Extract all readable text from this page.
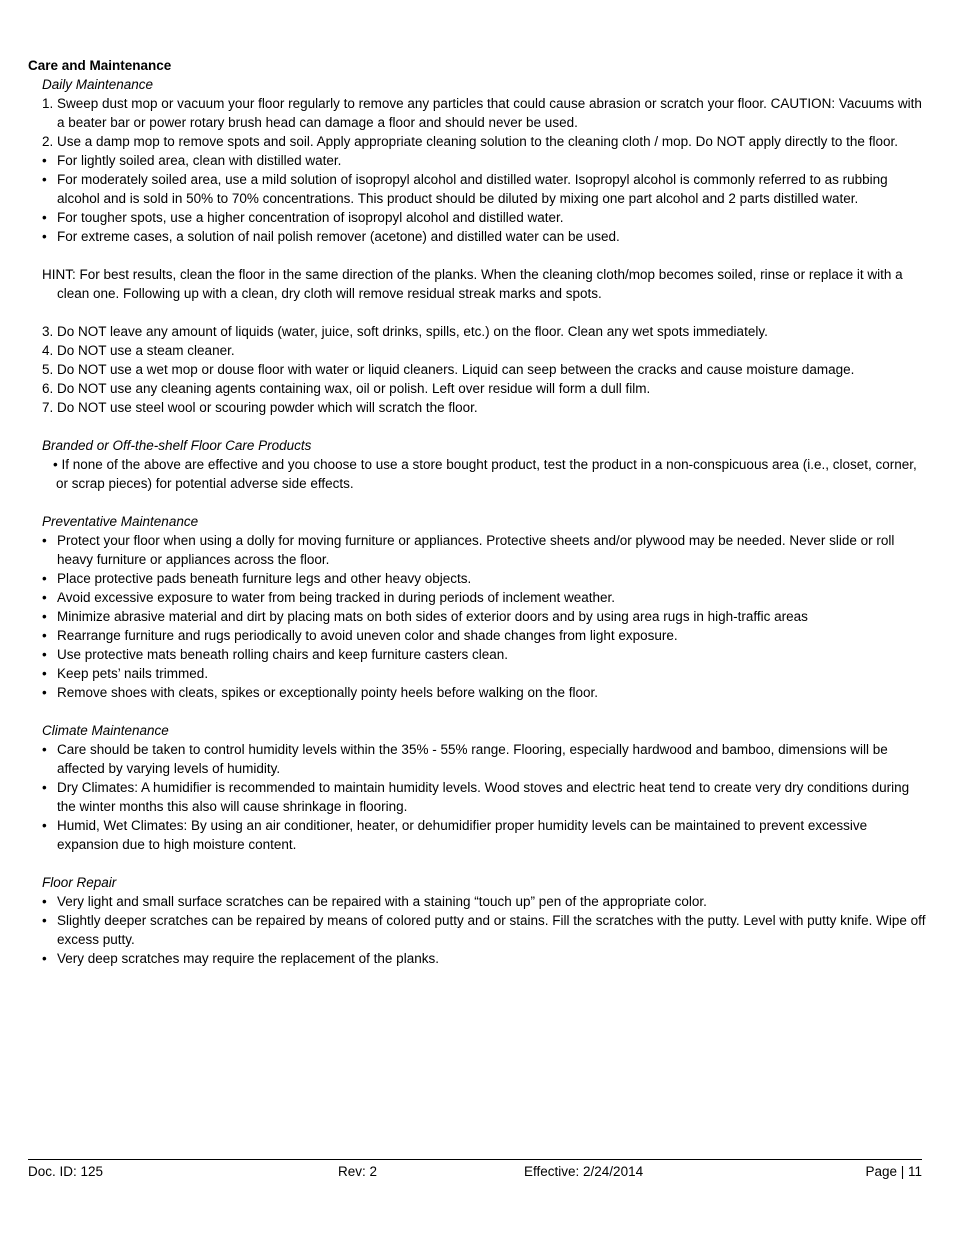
Care and Maintenance
Daily Maintenance
1. Sweep dust mop or vacuum your floor regularly to remove any particles that could cause abrasion or scratch your floor. CAUTION: Vacuums with a beater bar or power rotary brush head can damage a floor and should never be used.
2. Use a damp mop to remove spots and soil. Apply appropriate cleaning solution to the cleaning cloth / mop. Do NOT apply directly to the floor.
• For lightly soiled area, clean with distilled water.
• For moderately soiled area, use a mild solution of isopropyl alcohol and distilled water. Isopropyl alcohol is commonly referred to as rubbing alcohol and is sold in 50% to 70% concentrations. This product should be diluted by mixing one part alcohol and 2 parts distilled water.
• For tougher spots, use a higher concentration of isopropyl alcohol and distilled water.
• For extreme cases, a solution of nail polish remover (acetone) and distilled water can be used.
HINT: For best results, clean the floor in the same direction of the planks. When the cleaning cloth/mop becomes soiled, rinse or replace it with a clean one. Following up with a clean, dry cloth will remove residual streak marks and spots.
3. Do NOT leave any amount of liquids (water, juice, soft drinks, spills, etc.) on the floor. Clean any wet spots immediately.
4. Do NOT use a steam cleaner.
5. Do NOT use a wet mop or douse floor with water or liquid cleaners. Liquid can seep between the cracks and cause moisture damage.
6. Do NOT use any cleaning agents containing wax, oil or polish. Left over residue will form a dull film.
7. Do NOT use steel wool or scouring powder which will scratch the floor.
Branded or Off-the-shelf Floor Care Products
• If none of the above are effective and you choose to use a store bought product, test the product in a non-conspicuous area (i.e., closet, corner, or scrap pieces) for potential adverse side effects.
Preventative Maintenance
• Protect your floor when using a dolly for moving furniture or appliances. Protective sheets and/or plywood may be needed. Never slide or roll heavy furniture or appliances across the floor.
• Place protective pads beneath furniture legs and other heavy objects.
• Avoid excessive exposure to water from being tracked in during periods of inclement weather.
• Minimize abrasive material and dirt by placing mats on both sides of exterior doors and by using area rugs in high-traffic areas
• Rearrange furniture and rugs periodically to avoid uneven color and shade changes from light exposure.
• Use protective mats beneath rolling chairs and keep furniture casters clean.
• Keep pets’ nails trimmed.
• Remove shoes with cleats, spikes or exceptionally pointy heels before walking on the floor.
Climate Maintenance
• Care should be taken to control humidity levels within the 35% - 55% range. Flooring, especially hardwood and bamboo, dimensions will be affected by varying levels of humidity.
• Dry Climates: A humidifier is recommended to maintain humidity levels. Wood stoves and electric heat tend to create very dry conditions during the winter months this also will cause shrinkage in flooring.
• Humid, Wet Climates: By using an air conditioner, heater, or dehumidifier proper humidity levels can be maintained to prevent excessive expansion due to high moisture content.
Floor Repair
• Very light and small surface scratches can be repaired with a staining “touch up” pen of the appropriate color.
• Slightly deeper scratches can be repaired by means of colored putty and or stains. Fill the scratches with the putty. Level with putty knife. Wipe off excess putty.
• Very deep scratches may require the replacement of the planks.
Doc. ID: 125	Rev: 2	Effective: 2/24/2014	Page | 11
